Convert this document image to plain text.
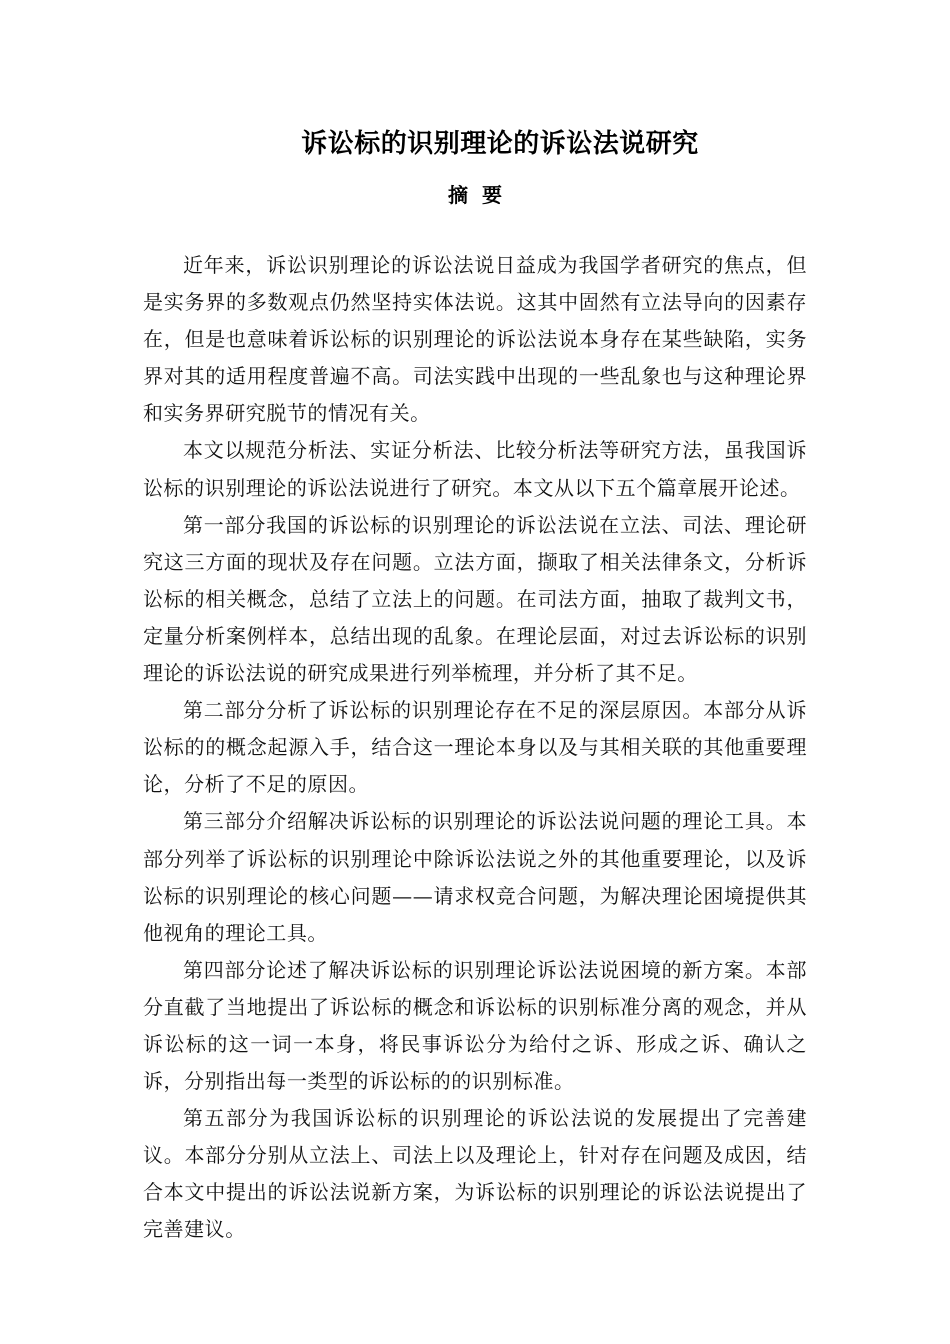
诉讼标的识别理论的诉讼法说研究
摘  要

近年来，诉讼识别理论的诉讼法说日益成为我国学者研究的焦点，但是实务界的多数观点仍然坚持实体法说。这其中固然有立法导向的因素存在，但是也意味着诉讼标的识别理论的诉讼法说本身存在某些缺陷，实务界对其的适用程度普遍不高。司法实践中出现的一些乱象也与这种理论界和实务界研究脱节的情况有关。

本文以规范分析法、实证分析法、比较分析法等研究方法，虽我国诉讼标的识别理论的诉讼法说进行了研究。本文从以下五个篇章展开论述。

第一部分我国的诉讼标的识别理论的诉讼法说在立法、司法、理论研究这三方面的现状及存在问题。立法方面，撷取了相关法律条文，分析诉讼标的相关概念，总结了立法上的问题。在司法方面，抽取了裁判文书，定量分析案例样本，总结出现的乱象。在理论层面，对过去诉讼标的识别理论的诉讼法说的研究成果进行列举梳理，并分析了其不足。

第二部分分析了诉讼标的识别理论存在不足的深层原因。本部分从诉讼标的的概念起源入手，结合这一理论本身以及与其相关联的其他重要理论，分析了不足的原因。

第三部分介绍解决诉讼标的识别理论的诉讼法说问题的理论工具。本部分列举了诉讼标的识别理论中除诉讼法说之外的其他重要理论，以及诉讼标的识别理论的核心问题——请求权竞合问题，为解决理论困境提供其他视角的理论工具。

第四部分论述了解决诉讼标的识别理论诉讼法说困境的新方案。本部分直截了当地提出了诉讼标的概念和诉讼标的识别标准分离的观念，并从诉讼标的这一词一本身，将民事诉讼分为给付之诉、形成之诉、确认之诉，分别指出每一类型的诉讼标的的识别标准。

第五部分为我国诉讼标的识别理论的诉讼法说的发展提出了完善建议。本部分分别从立法上、司法上以及理论上，针对存在问题及成因，结合本文中提出的诉讼法说新方案，为诉讼标的识别理论的诉讼法说提出了完善建议。
